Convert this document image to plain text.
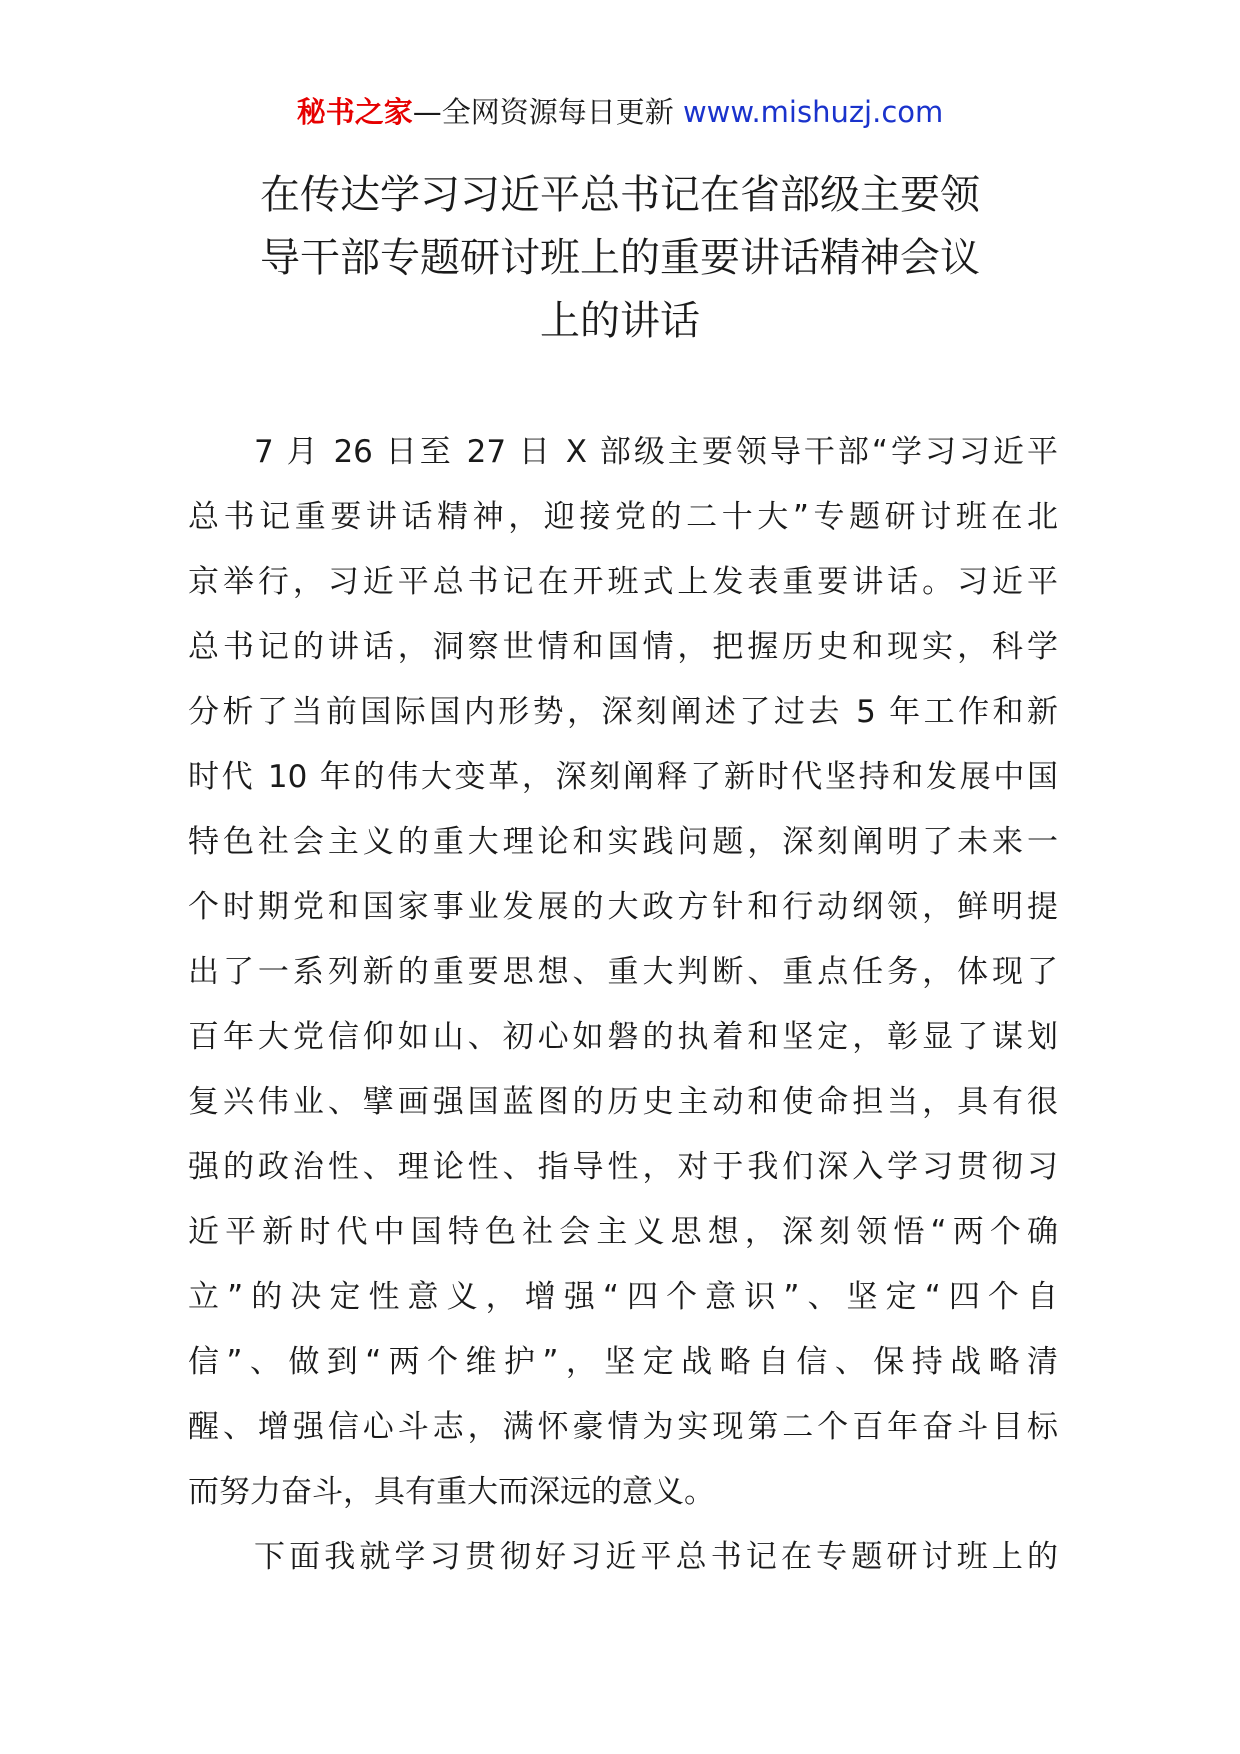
秘书之家—全网资源每日更新 www.mishuzj.com
在传达学习习近平总书记在省部级主要领
导干部专题研讨班上的重要讲话精神会议
上的讲话
7 月 26 日至 27 日 X 部级主要领导干部“学习习近平
总书记重要讲话精神，迎接党的二十大”专题研讨班在北
京举行，习近平总书记在开班式上发表重要讲话。习近平
总书记的讲话，洞察世情和国情，把握历史和现实，科学
分析了当前国际国内形势，深刻阐述了过去 5 年工作和新
时代 10 年的伟大变革，深刻阐释了新时代坚持和发展中国
特色社会主义的重大理论和实践问题，深刻阐明了未来一
个时期党和国家事业发展的大政方针和行动纲领，鲜明提
出了一系列新的重要思想、重大判断、重点任务，体现了
百年大党信仰如山、初心如磐的执着和坚定，彰显了谋划
复兴伟业、擘画强国蓝图的历史主动和使命担当，具有很
强的政治性、理论性、指导性，对于我们深入学习贯彻习
近平新时代中国特色社会主义思想，深刻领悟“两个确
立”的决定性意义，增强“四个意识”、坚定“四个自
信”、做到“两个维护”，坚定战略自信、保持战略清
醒、增强信心斗志，满怀豪情为实现第二个百年奋斗目标
而努力奋斗，具有重大而深远的意义。
下面我就学习贯彻好习近平总书记在专题研讨班上的
